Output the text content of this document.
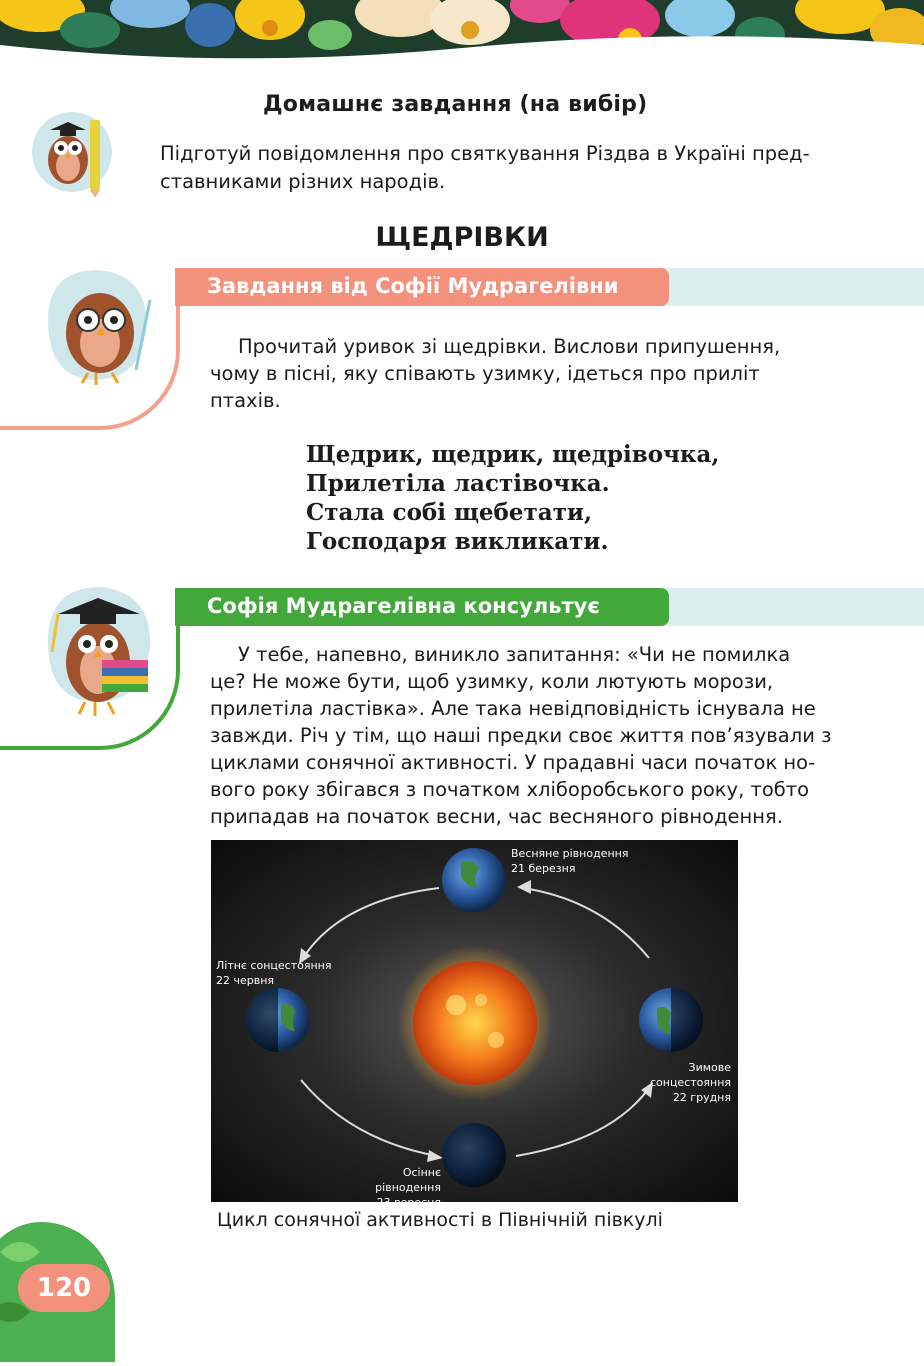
Домашнє завдання (на вибір)
Підготуй повідомлення про святкування Різдва в Україні пред-
ставниками різних народів.
ЩЕДРІВКИ
Завдання від Софії Мудрагелівни
Прочитай уривок зі щедрівки. Вислови припушення,
чому в пісні, яку співають узимку, ідеться про приліт
птахів.
Щедрик, щедрик, щедрівочка,
Прилетіла ластівочка.
Стала собі щебетати,
Господаря викликати.
Софія Мудрагелівна консультує
У тебе, напевно, виникло запитання: «Чи не помилка
це? Не може бути, щоб узимку, коли лютують морози,
прилетіла ластівка». Але така невідповідність існувала не
завжди. Річ у тім, що наші предки своє життя пов’язували з
циклами сонячної активності. У прадавні часи початок но-
вого року збігався з початком хліборобського року, тобто
припадав на початок весни, час весняного рівнодення.
Весняне рівнодення
21 березня
Літнє сонцестояння
22 червня
Зимове сонцестояння
22 грудня
Осіннє рівнодення
23 вересня
Цикл сонячної активності в Північній півкулі
120
